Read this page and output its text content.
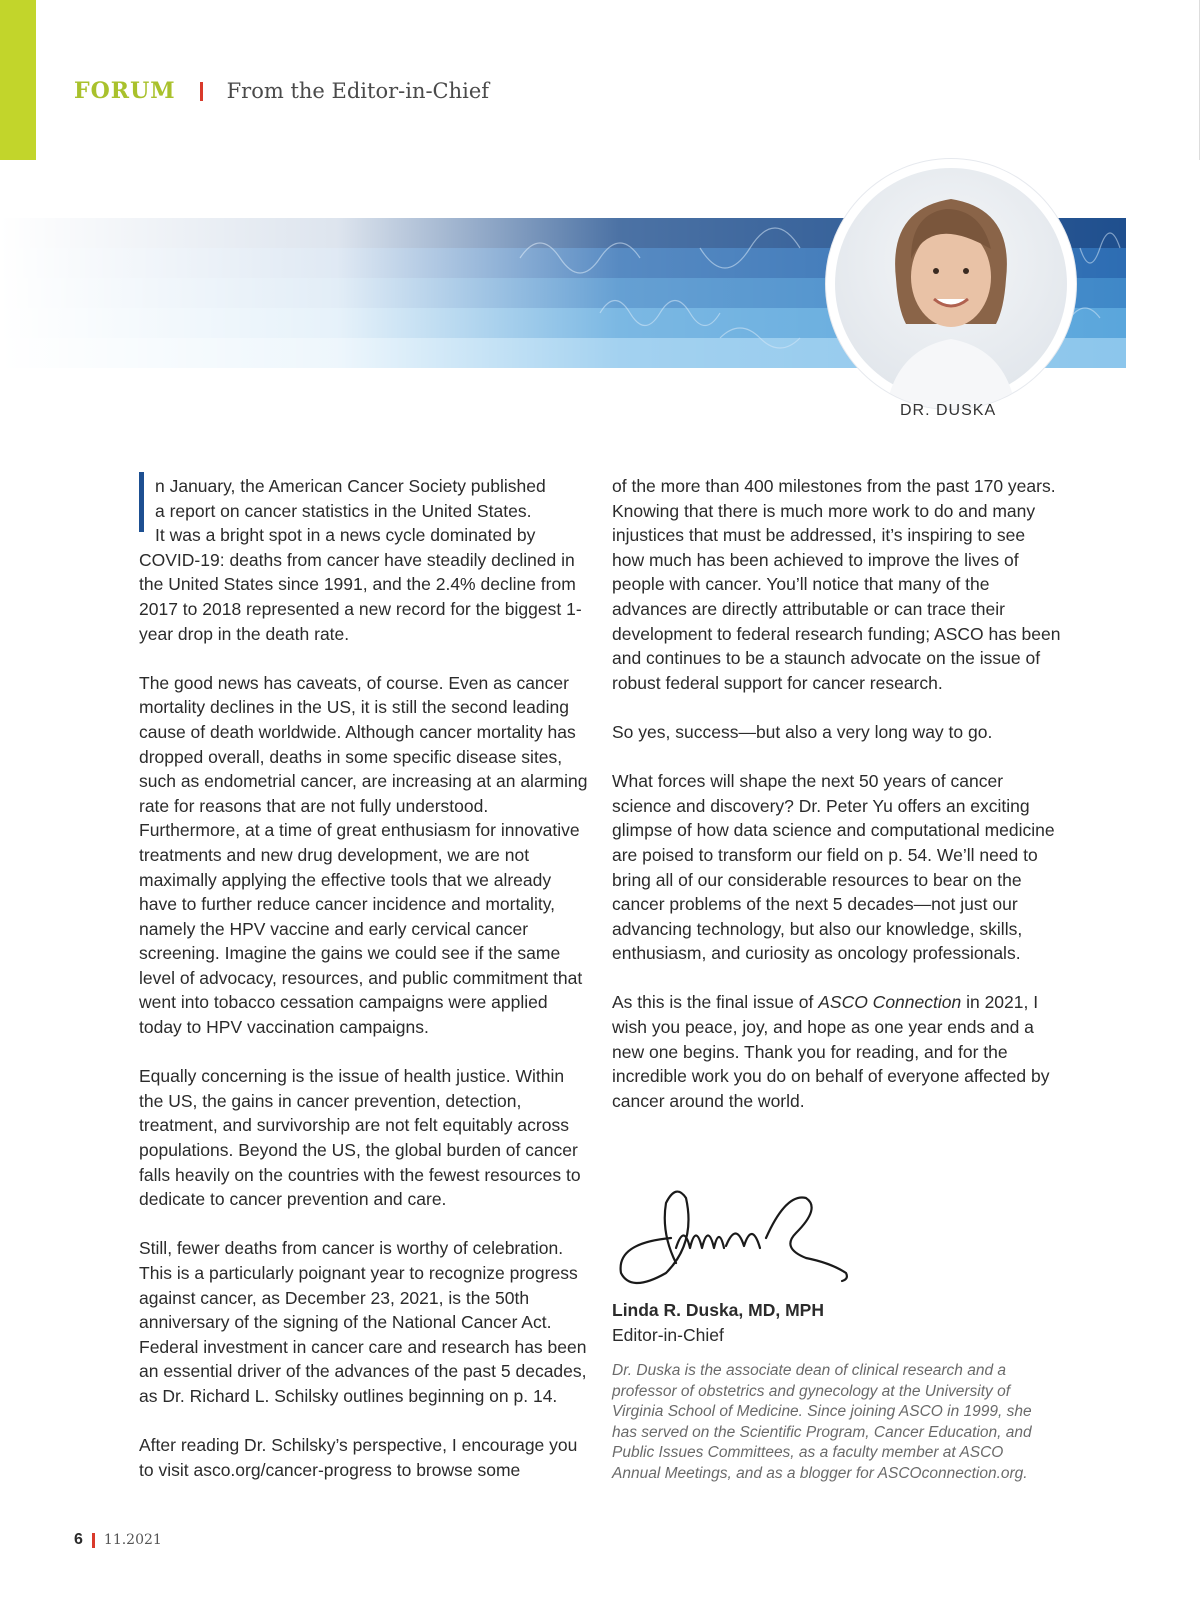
FORUM From the Editor-in-Chief
DR. DUSKA
n January, the American Cancer Society published
a report on cancer statistics in the United States.
It was a bright spot in a news cycle dominated by

COVID-19: deaths from cancer have steadily declined in the United States since 1991, and the 2.4% decline from 2017 to 2018 represented a new record for the biggest 1-year drop in the death rate.

The good news has caveats, of course. Even as cancer mortality declines in the US, it is still the second leading cause of death worldwide. Although cancer mortality has dropped overall, deaths in some specific disease sites, such as endometrial cancer, are increasing at an alarming rate for reasons that are not fully understood. Furthermore, at a time of great enthusiasm for innovative treatments and new drug development, we are not maximally applying the effective tools that we already have to further reduce cancer incidence and mortality, namely the HPV vaccine and early cervical cancer screening. Imagine the gains we could see if the same level of advocacy, resources, and public commitment that went into tobacco cessation campaigns were applied today to HPV vaccination campaigns.

Equally concerning is the issue of health justice. Within the US, the gains in cancer prevention, detection, treatment, and survivorship are not felt equitably across populations. Beyond the US, the global burden of cancer falls heavily on the countries with the fewest resources to dedicate to cancer prevention and care.

Still, fewer deaths from cancer is worthy of celebration. This is a particularly poignant year to recognize progress against cancer, as December 23, 2021, is the 50th anniversary of the signing of the National Cancer Act. Federal investment in cancer care and research has been an essential driver of the advances of the past 5 decades, as Dr. Richard L. Schilsky outlines beginning on p. 14.

After reading Dr. Schilsky’s perspective, I encourage you to visit asco.org/cancer-progress to browse some

of the more than 400 milestones from the past 170 years. Knowing that there is much more work to do and many injustices that must be addressed, it’s inspiring to see how much has been achieved to improve the lives of people with cancer. You’ll notice that many of the advances are directly attributable or can trace their development to federal research funding; ASCO has been and continues to be a staunch advocate on the issue of robust federal support for cancer research.

So yes, success—but also a very long way to go.

What forces will shape the next 50 years of cancer science and discovery? Dr. Peter Yu offers an exciting glimpse of how data science and computational medicine are poised to transform our field on p. 54. We’ll need to bring all of our considerable resources to bear on the cancer problems of the next 5 decades—not just our advancing technology, but also our knowledge, skills, enthusiasm, and curiosity as oncology professionals.

As this is the final issue of ASCO Connection in 2021, I wish you peace, joy, and hope as one year ends and a new one begins. Thank you for reading, and for the incredible work you do on behalf of everyone affected by cancer around the world.

Linda R. Duska, MD, MPH
Editor-in-Chief
Dr. Duska is the associate dean of clinical research and a professor of obstetrics and gynecology at the University of Virginia School of Medicine. Since joining ASCO in 1999, she has served on the Scientific Program, Cancer Education, and Public Issues Committees, as a faculty member at ASCO Annual Meetings, and as a blogger for ASCOconnection.org.
6 11.2021
